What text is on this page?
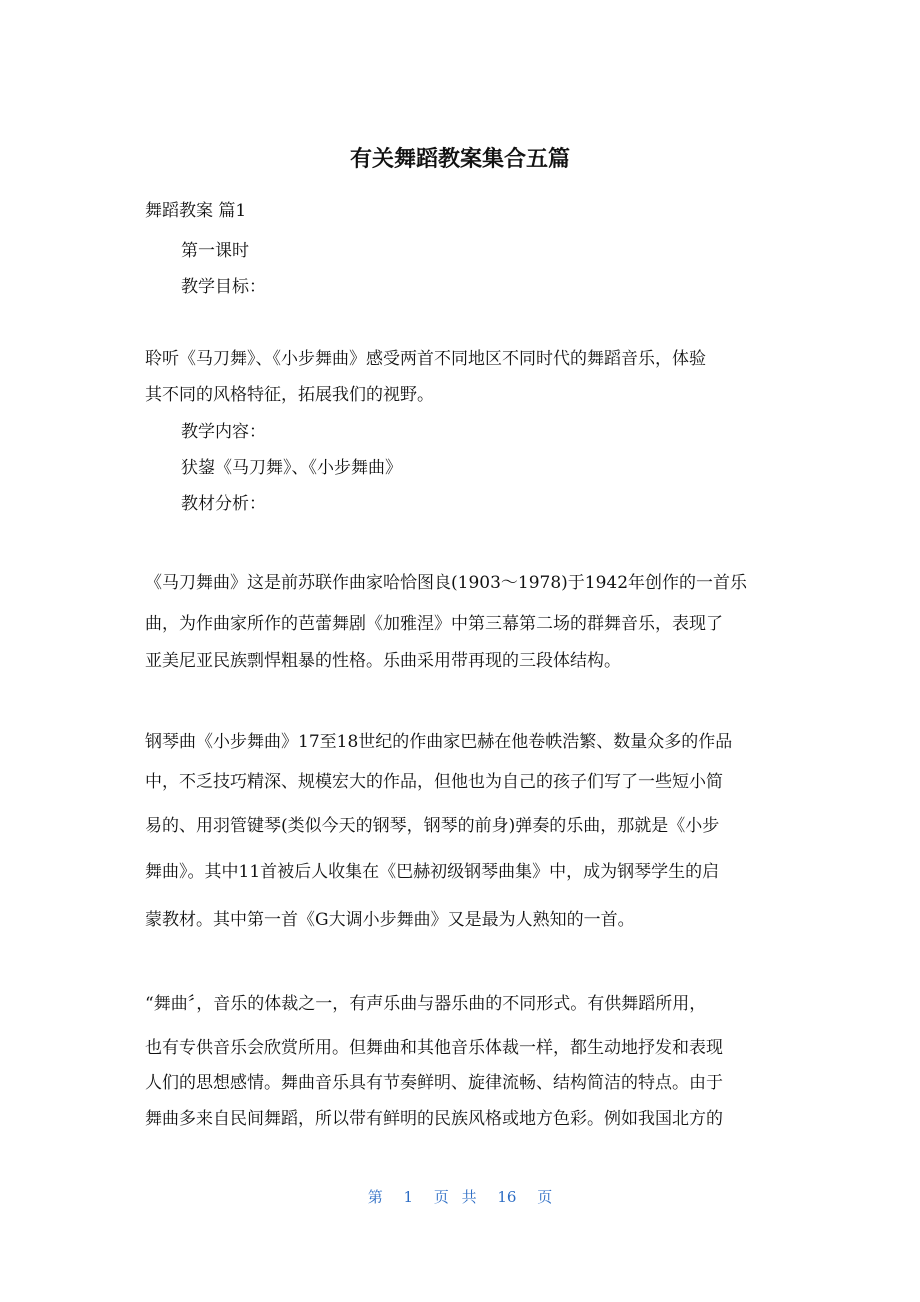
有关舞蹈教案集合五篇
舞蹈教案 篇1
第一课时
教学目标：
聆听《马刀舞》、《小步舞曲》感受两首不同地区不同时代的舞蹈音乐，体验
其不同的风格特征，拓展我们的视野。
教学内容：
犾鋆《马刀舞》、《小步舞曲》
教材分析：
《马刀舞曲》这是前苏联作曲家哈恰图良(1903～1978)于1942年创作的一首乐
曲，为作曲家所作的芭蕾舞剧《加雅涅》中第三幕第二场的群舞音乐，表现了
亚美尼亚民族剽悍粗暴的性格。乐曲采用带再现的三段体结构。
钢琴曲《小步舞曲》17至18世纪的作曲家巴赫在他卷帙浩繁、数量众多的作品
中，不乏技巧精深、规模宏大的作品，但他也为自己的孩子们写了一些短小简
易的、用羽管键琴(类似今天的钢琴，钢琴的前身)弹奏的乐曲，那就是《小步
舞曲》。其中11首被后人收集在《巴赫初级钢琴曲集》中，成为钢琴学生的启
蒙教材。其中第一首《G大调小步舞曲》又是最为人熟知的一首。
“舞曲〞，音乐的体裁之一，有声乐曲与器乐曲的不同形式。有供舞蹈所用，
也有专供音乐会欣赏所用。但舞曲和其他音乐体裁一样，都生动地抒发和表现
人们的思想感情。舞曲音乐具有节奏鲜明、旋律流畅、结构简洁的特点。由于
舞曲多来自民间舞蹈，所以带有鲜明的民族风格或地方色彩。例如我国北方的
第 1 页 共 16 页
